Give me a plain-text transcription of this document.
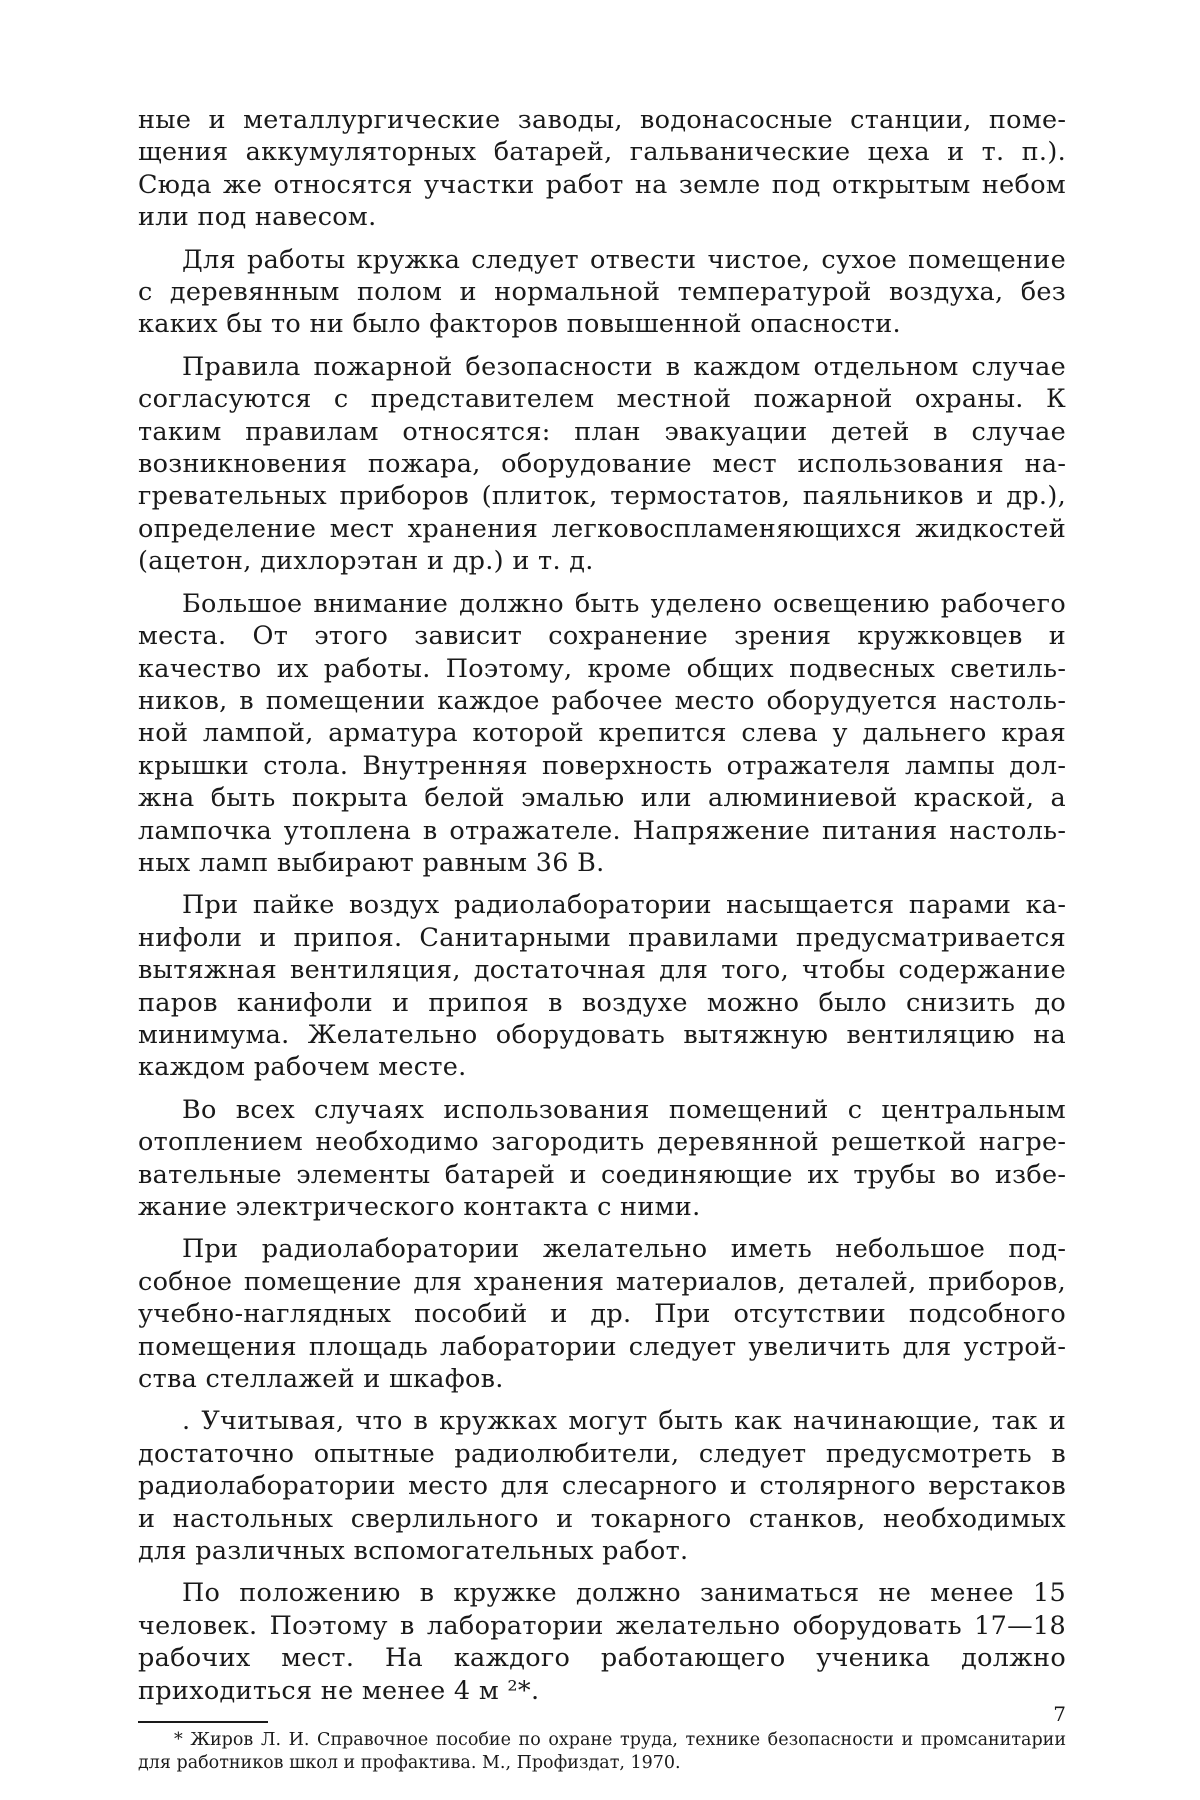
ные и металлургические заводы, водонасосные станции, поме­щения аккумуляторных батарей, гальванические цеха и т. п.). Сюда же относятся участки работ на земле под открытым не­бом или под навесом.

Для работы кружка следует отвести чистое, сухое помеще­ние с деревянным полом и нормальной температурой воздуха, без каких бы то ни было факторов повышенной опасности.

Правила пожарной безопасности в каждом отдельном слу­чае согласуются с представителем местной пожарной охраны. К таким правилам относятся: план эвакуации детей в случае возникновения пожара, оборудование мест использования на­гревательных приборов (плиток, термостатов, паяльников и др.), определение мест хранения легковоспламеняющихся жидкостей (ацетон, дихлорэтан и др.) и т. д.

Большое внимание должно быть уделено освещению рабо­чего места. От этого зависит сохранение зрения кружковцев и качество их работы. Поэтому, кроме общих подвесных светиль­ников, в помещении каждое рабочее место оборудуется настоль­ной лампой, арматура которой крепится слева у дальнего края крышки стола. Внутренняя поверхность отражателя лампы дол­жна быть покрыта белой эмалью или алюминиевой краской, а лампочка утоплена в отражателе. Напряжение питания настоль­ных ламп выбирают равным 36 В.

При пайке воздух радиолаборатории насыщается парами ка­нифоли и припоя. Санитарными правилами предусматривается вытяжная вентиляция, достаточная для того, чтобы содержание паров канифоли и припоя в воздухе можно было снизить до минимума. Желательно оборудовать вытяжную вентиляцию на каждом рабочем месте.

Во всех случаях использования помещений с центральным отоплением необходимо загородить деревянной решеткой нагре­вательные элементы батарей и соединяющие их трубы во избе­жание электрического контакта с ними.

При радиолаборатории желательно иметь небольшое под­собное помещение для хранения материалов, деталей, приборов, учебно-наглядных пособий и др. При отсутствии подсобного помещения площадь лаборатории следует увеличить для устрой­ства стеллажей и шкафов.

. Учитывая, что в кружках могут быть как начинающие, так и достаточно опытные радиолюбители, следует предусмотреть в радиолаборатории место для слесарного и столярного верста­ков и настольных сверлильного и токарного станков, необходи­мых для различных вспомогательных работ.

По положению в кружке должно заниматься не менее 15 человек. Поэтому в лаборатории желательно оборудовать 17—18 рабочих мест. На каждого работающего ученика должно приходиться не менее 4 м ²*.

* Жиров Л. И. Справочное пособие по охране труда, технике безопасно­сти и промсанитарии для работников школ и профактива. М., Профиздат, 1970.

7
